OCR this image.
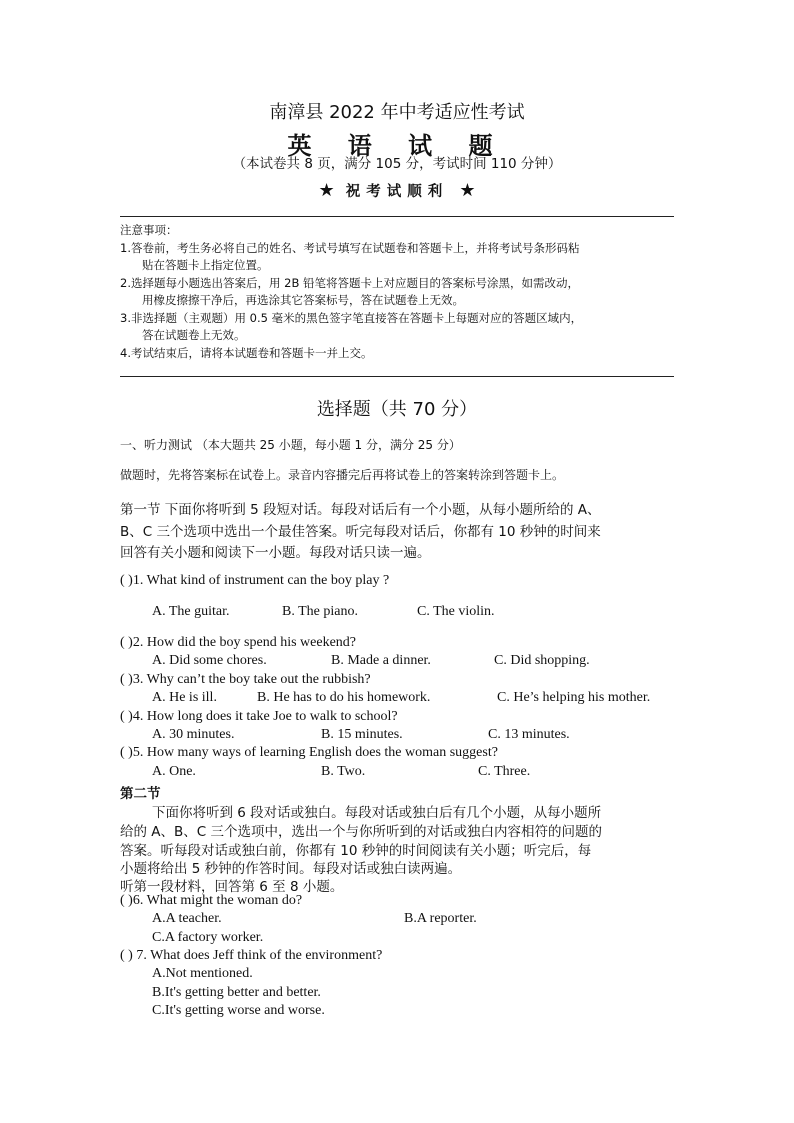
南漳县 2022 年中考适应性考试
英 语 试 题
（本试卷共 8 页，满分 105 分，考试时间 110 分钟）
★ 祝考试顺利 ★
注意事项：
1.答卷前，考生务必将自己的姓名、考试号填写在试题卷和答题卡上，并将考试号条形码粘
贴在答题卡上指定位置。
2.选择题每小题选出答案后，用 2B 铅笔将答题卡上对应题目的答案标号涂黑，如需改动，
用橡皮擦擦干净后，再选涂其它答案标号，答在试题卷上无效。
3.非选择题（主观题）用 0.5 毫米的黑色签字笔直接答在答题卡上每题对应的答题区域内，
答在试题卷上无效。
4.考试结束后，请将本试题卷和答题卡一并上交。
选择题（共 70 分）
一、听力测试 （本大题共 25 小题，每小题 1 分，满分 25 分）
做题时，先将答案标在试卷上。录音内容播完后再将试卷上的答案转涂到答题卡上。
第一节 下面你将听到 5 段短对话。每段对话后有一个小题，从每小题所给的 A、
B、C 三个选项中选出一个最佳答案。听完每段对话后，你都有 10 秒钟的时间来
回答有关小题和阅读下一小题。每段对话只读一遍。
( )1. What kind of instrument can the boy play ?
A. The guitar.	B. The piano.	C. The violin.
( )2. How did the boy spend his weekend?
A. Did some chores.	B. Made a dinner.	C. Did shopping.
( )3. Why can’t the boy take out the rubbish?
A. He is ill.	B. He has to do his homework.	C. He’s helping his mother.
( )4. How long does it take Joe to walk to school?
A. 30 minutes.	B. 15 minutes.	C. 13 minutes.
( )5. How many ways of learning English does the woman suggest?
A. One.	B. Two.	C. Three.
第二节
下面你将听到 6 段对话或独白。每段对话或独白后有几个小题，从每小题所
给的 A、B、C 三个选项中，选出一个与你所听到的对话或独白内容相符的问题的
答案。听每段对话或独白前，你都有 10 秒钟的时间阅读有关小题；听完后，每
小题将给出 5 秒钟的作答时间。每段对话或独白读两遍。
听第一段材料，回答第 6 至 8 小题。
( )6. What might the woman do?
A.A teacher.	B.A reporter.
C.A factory worker.
( ) 7. What does Jeff think of the environment?
A.Not mentioned.
B.It's getting better and better.
C.It's getting worse and worse.
